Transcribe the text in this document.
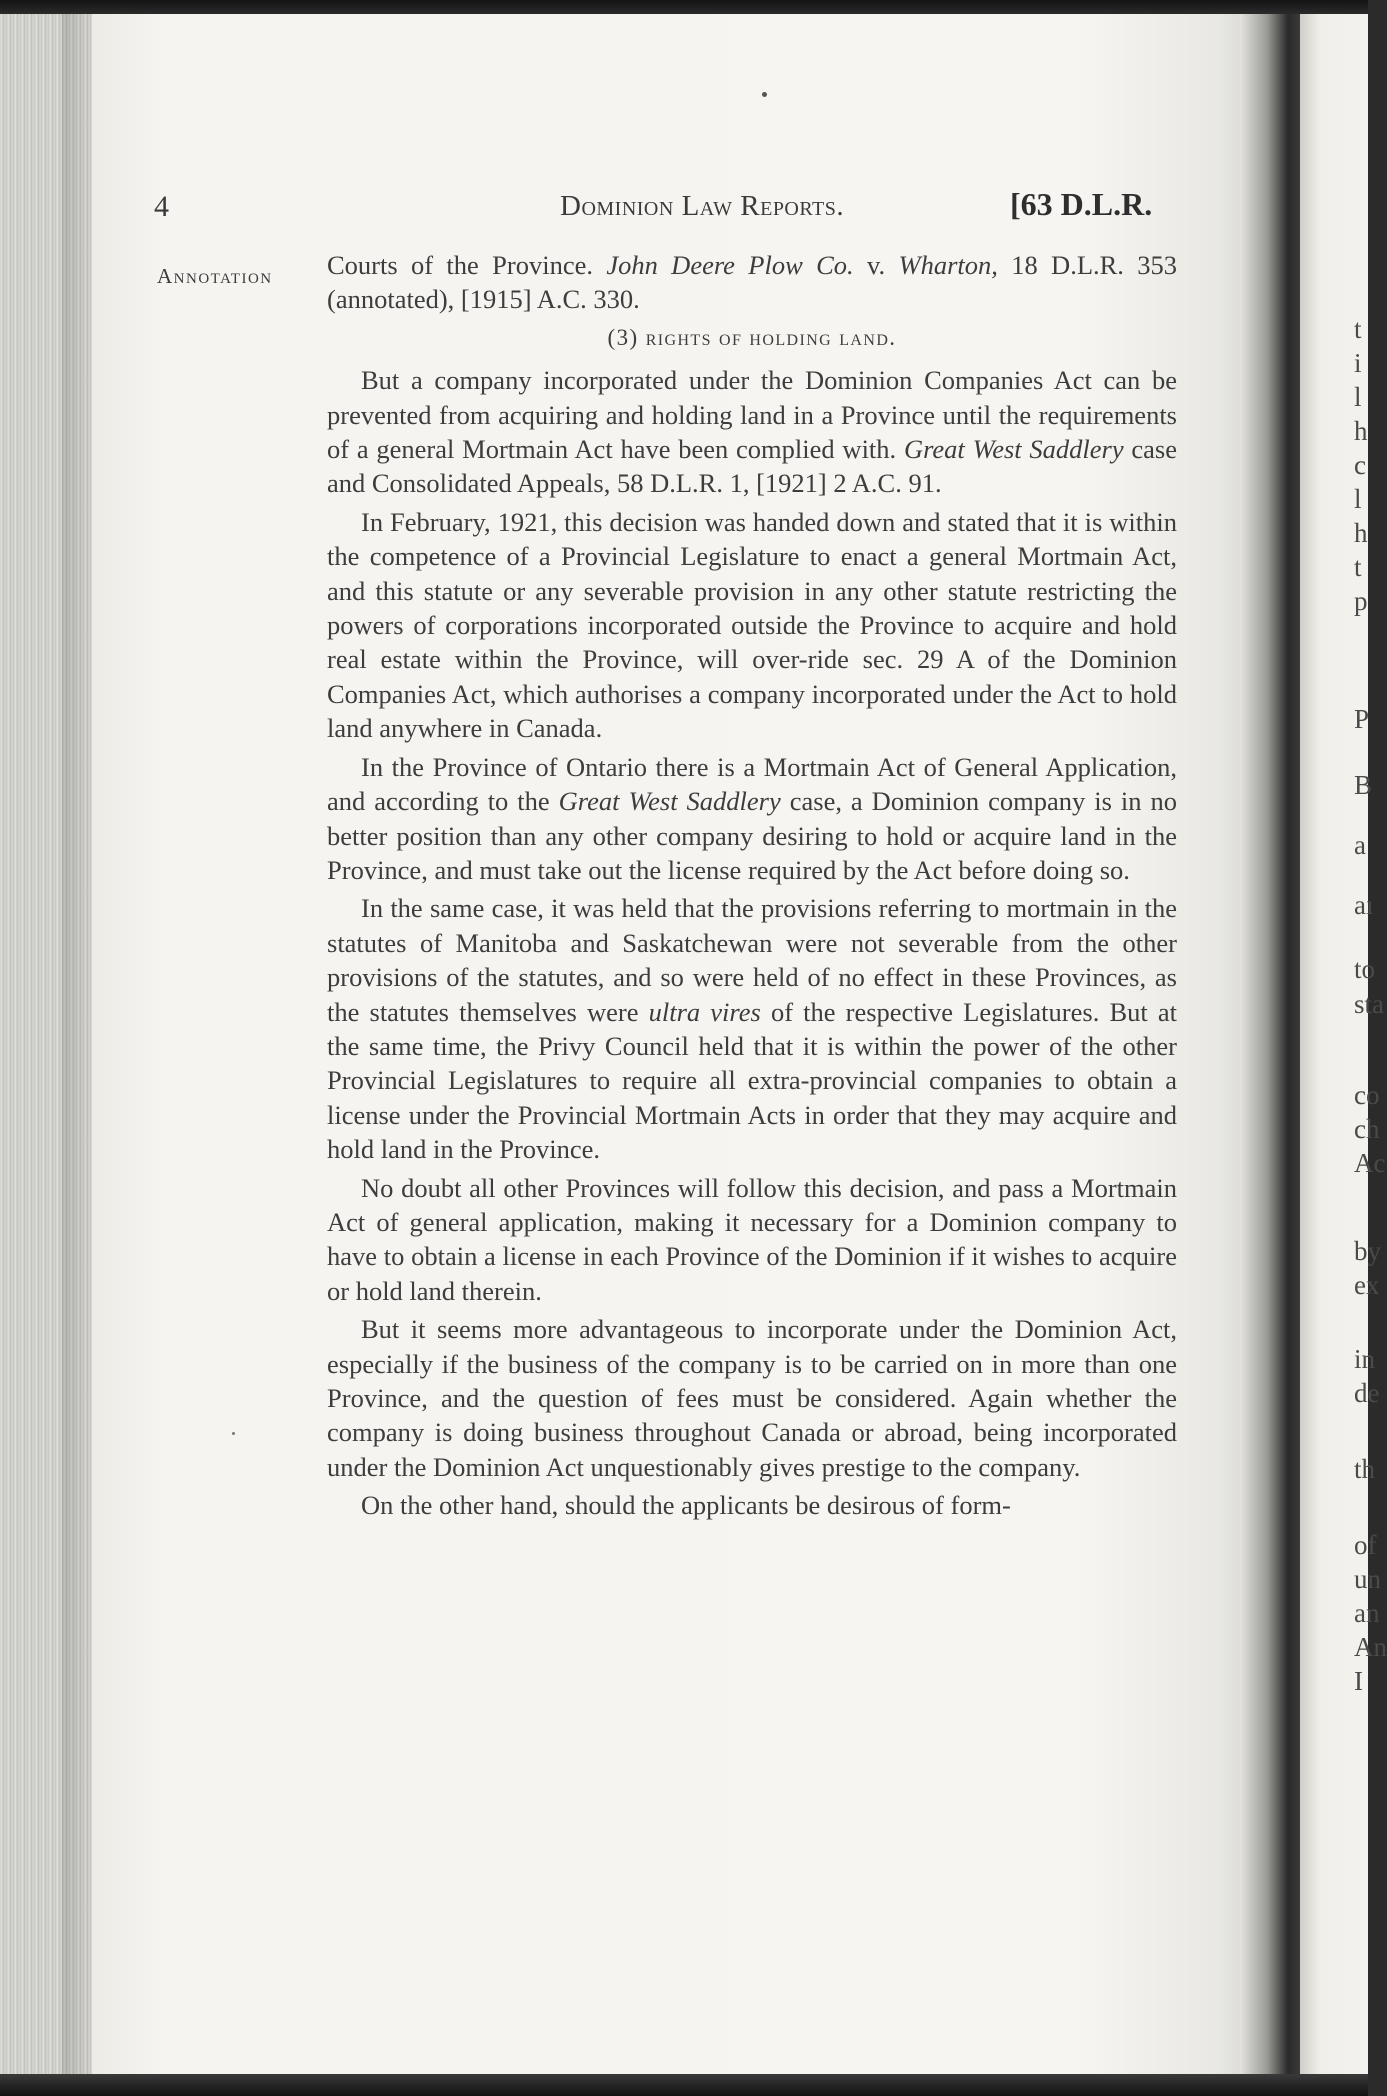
t
i
l
h
c
l
h
t
p
P
B
a
aı
to
sta
co
ch
Ac
by
ex
in
de
th
of
un
an
An
I
4	Dominion Law Reports.	[63 D.L.R.
Annotation Courts of the Province. John Deere Plow Co. v. Wharton, 18 D.L.R. 353 (annotated), [1915] A.C. 330.

(3) rights of holding land.

But a company incorporated under the Dominion Companies Act can be prevented from acquiring and holding land in a Province until the requirements of a general Mortmain Act have been complied with. Great West Saddlery case and Consolidated Appeals, 58 D.L.R. 1, [1921] 2 A.C. 91.

In February, 1921, this decision was handed down and stated that it is within the competence of a Provincial Legislature to enact a general Mortmain Act, and this statute or any severable provision in any other statute restricting the powers of corporations incorporated outside the Province to acquire and hold real estate within the Province, will over-ride sec. 29 A of the Dominion Companies Act, which authorises a company incorporated under the Act to hold land anywhere in Canada.

In the Province of Ontario there is a Mortmain Act of General Application, and according to the Great West Saddlery case, a Dominion company is in no better position than any other company desiring to hold or acquire land in the Province, and must take out the license required by the Act before doing so.

In the same case, it was held that the provisions referring to mortmain in the statutes of Manitoba and Saskatchewan were not severable from the other provisions of the statutes, and so were held of no effect in these Provinces, as the statutes themselves were ultra vires of the respective Legislatures. But at the same time, the Privy Council held that it is within the power of the other Provincial Legislatures to require all extra-provincial companies to obtain a license under the Provincial Mortmain Acts in order that they may acquire and hold land in the Province.

No doubt all other Provinces will follow this decision, and pass a Mortmain Act of general application, making it necessary for a Dominion company to have to obtain a license in each Province of the Dominion if it wishes to acquire or hold land therein.

But it seems more advantageous to incorporate under the Dominion Act, especially if the business of the company is to be carried on in more than one Province, and the question of fees must be considered. Again whether the company is doing business throughout Canada or abroad, being incorporated under the Dominion Act unquestionably gives prestige to the company.

On the other hand, should the applicants be desirous of form-
